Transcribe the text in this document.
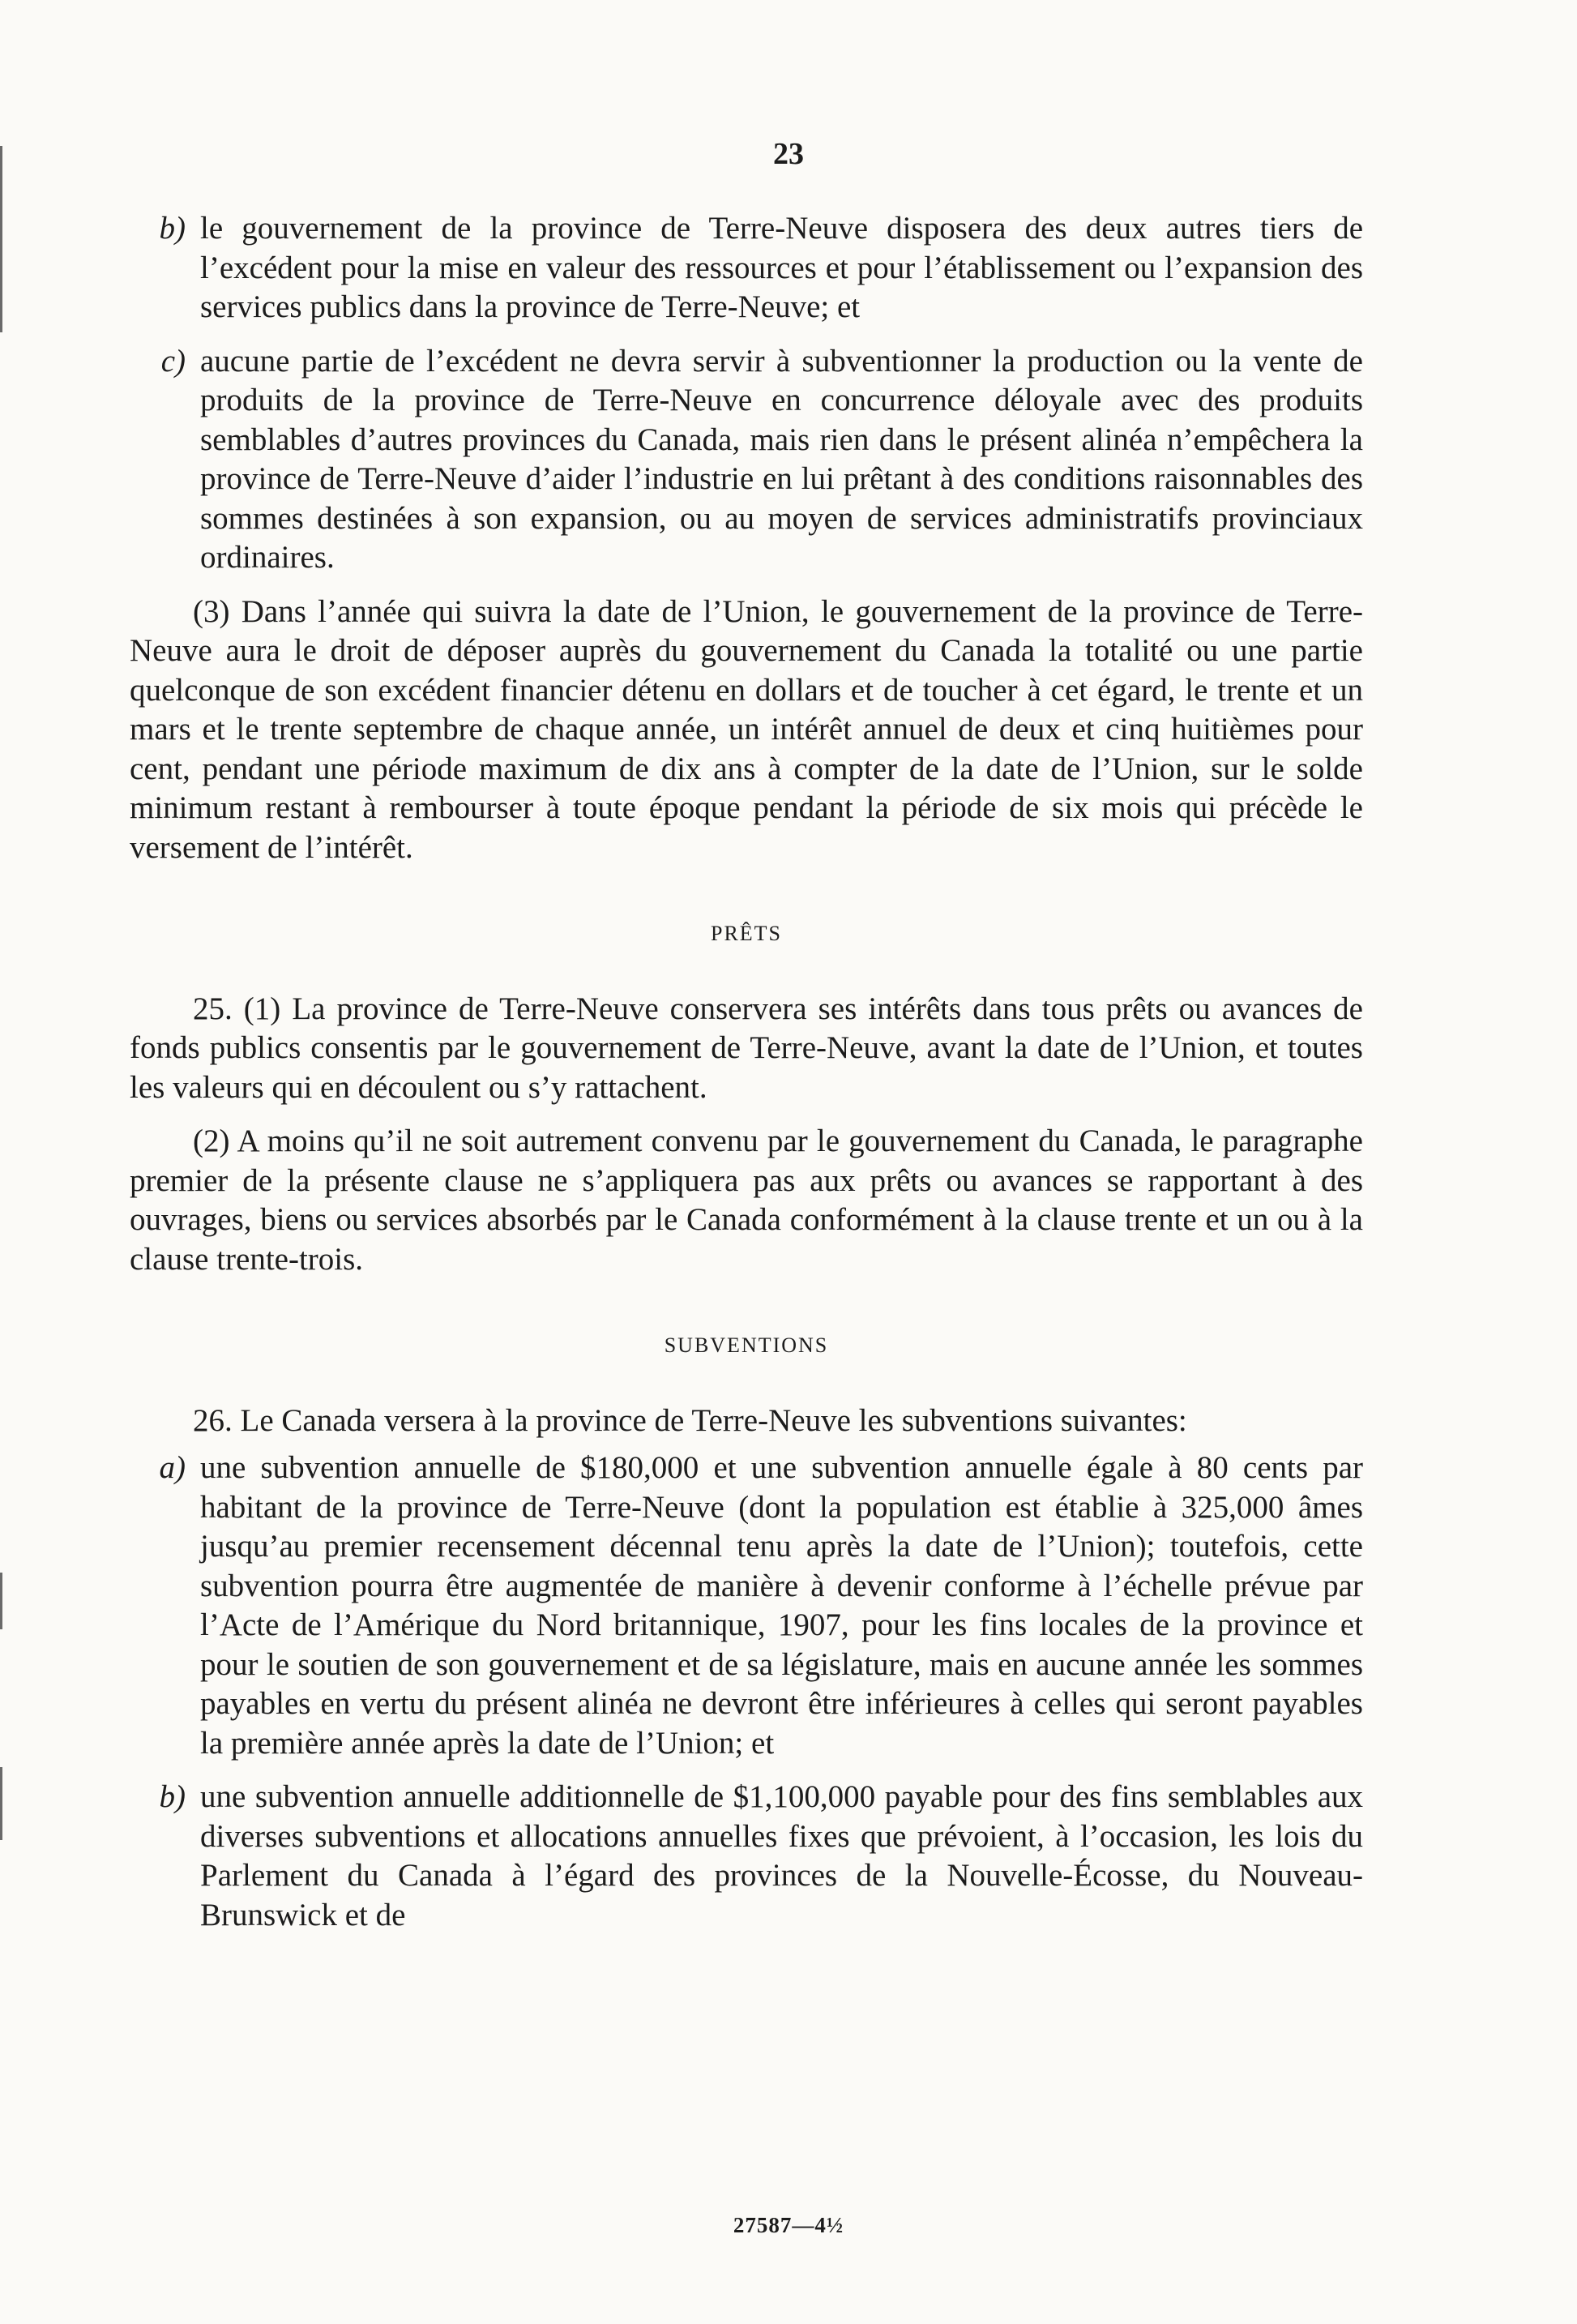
23
b) le gouvernement de la province de Terre-Neuve disposera des deux autres tiers de l’excédent pour la mise en valeur des ressources et pour l’établissement ou l’expansion des services publics dans la province de Terre-Neuve; et
c) aucune partie de l’excédent ne devra servir à subventionner la production ou la vente de produits de la province de Terre-Neuve en concurrence déloyale avec des produits semblables d’autres provinces du Canada, mais rien dans le présent alinéa n’empêchera la province de Terre-Neuve d’aider l’industrie en lui prêtant à des conditions raisonnables des sommes destinées à son expansion, ou au moyen de services administratifs provinciaux ordinaires.

(3) Dans l’année qui suivra la date de l’Union, le gouvernement de la province de Terre-Neuve aura le droit de déposer auprès du gouvernement du Canada la totalité ou une partie quelconque de son excédent financier détenu en dollars et de toucher à cet égard, le trente et un mars et le trente septembre de chaque année, un intérêt annuel de deux et cinq huitièmes pour cent, pendant une période maximum de dix ans à compter de la date de l’Union, sur le solde minimum restant à rembourser à toute époque pendant la période de six mois qui précède le versement de l’intérêt.

PRÊTS

25. (1) La province de Terre-Neuve conservera ses intérêts dans tous prêts ou avances de fonds publics consentis par le gouvernement de Terre-Neuve, avant la date de l’Union, et toutes les valeurs qui en découlent ou s’y rattachent.

(2) A moins qu’il ne soit autrement convenu par le gouvernement du Canada, le paragraphe premier de la présente clause ne s’appliquera pas aux prêts ou avances se rapportant à des ouvrages, biens ou services absorbés par le Canada conformément à la clause trente et un ou à la clause trente-trois.

SUBVENTIONS

26. Le Canada versera à la province de Terre-Neuve les subventions suivantes:

a) une subvention annuelle de $180,000 et une subvention annuelle égale à 80 cents par habitant de la province de Terre-Neuve (dont la population est établie à 325,000 âmes jusqu’au premier recensement décennal tenu après la date de l’Union); toutefois, cette subvention pourra être augmentée de manière à devenir conforme à l’échelle prévue par l’Acte de l’Amérique du Nord britannique, 1907, pour les fins locales de la province et pour le soutien de son gouvernement et de sa législature, mais en aucune année les sommes payables en vertu du présent alinéa ne devront être inférieures à celles qui seront payables la première année après la date de l’Union; et
b) une subvention annuelle additionnelle de $1,100,000 payable pour des fins semblables aux diverses subventions et allocations annuelles fixes que prévoient, à l’occasion, les lois du Parlement du Canada à l’égard des provinces de la Nouvelle-Écosse, du Nouveau-Brunswick et de
27587—4½
